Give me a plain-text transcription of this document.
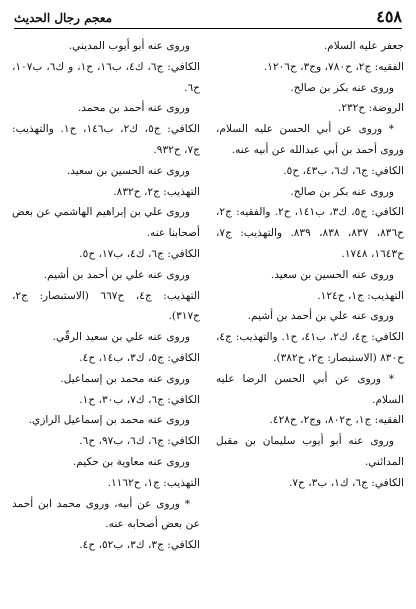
٤٥٨
معجم رجال الحديث

جعفر عليه السلام.

الفقيه: ج٢، ح٧٨٠، وج٣، ح١٢٠٦.

وروى عنه بكر بن صالح.

الروضة: ح٢٣٢.

* وروى عن أبي الحسن عليه السلام، وروى أحمد بن أبي عبدالله عن أبيه عنه.

الكافي: ج٦، ك٦، ب٤٣، ح٥.

وروى عنه بكر بن صالح.

الكافي: ج٥، ك٣، ب١٤١، ح٢. والفقيه: ج٢، ح٨٣٦، ٨٣٧، ٨٣٨، ٨٣٩. والتهذيب: ج٧، ح١٦٤٣، ١٧٤٨.

وروى عنه الحسين بن سعيد.

التهذيب: ج١، ح١٢٤.

وروى عنه علي بن أحمد بن أشيم.

الكافي: ج٤، ك٢، ب٤١، ح١. والتهذيب: ج٤، ح٨٣٠ (الاستبصار: ج٢، ح٣٨٢).

* وروى عن أبي الحسن الرضا عليه السلام.

الفقيه: ج١، ح٨٠٢، وج٢، ح٤٢٨.

وروى عنه أبو أيوب سليمان بن مقبل المدائني.

الكافي: ج٦، ك١، ب٣، ح٧.

وروى عنه أبو أيوب المديني.

الكافي: ج٦، ك٤، ب١٦، ح١، و ك٦، ب١٠٧، ح٦.

وروى عنه أحمد بن محمد.

الكافي: ج٥، ك٢، ب١٤٦، ح١. والتهذيب: ج٧، ح٩٣٢.

وروى عنه الحسين بن سعيد.

التهذيب: ج٢، ح٨٣٢.

وروى علي بن إبراهيم الهاشمي عن بعض أصحابنا عنه.

الكافي: ج٦، ك٤، ب١٧، ح٥.

وروى عنه علي بن أحمد بن أشيم.

التهذيب: ج٤، ح٦٦٧ (الاستبصار: ج٢، ح٣١٧).

وروى عنه علي بن سعيد الرقّي.

الكافي: ج٥، ك٣، ب١٤، ح٤.

وروى عنه محمد بن إسماعيل.

الكافي: ج٦، ك٧، ب٣٠، ح١.

وروى عنه محمد بن إسماعيل الرازي.

الكافي: ج٦، ك٦، ب٩٧، ح٦.

وروى عنه معاوية بن حكيم.

التهذيب: ج١، ح١١٦٢.

* وروى عن أبيه، وروى محمد ابن أحمد عن بعض أصحابه عنه.

الكافي: ج٣، ك٣، ب٥٢، ح٤.
